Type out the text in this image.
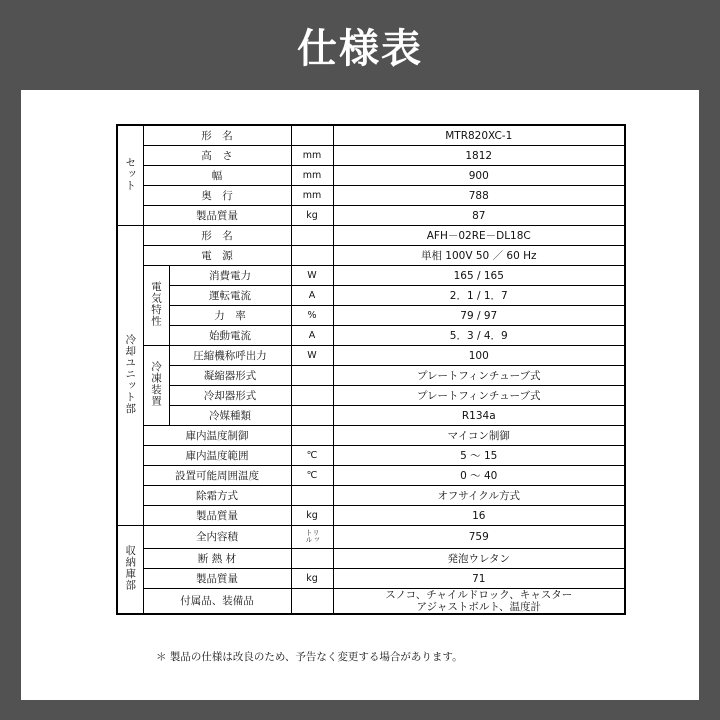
仕様表
セット	形　名			MTR820XC-1
	高　さ		mm	1812
	幅		mm	900
	奥　行		mm	788
	製品質量		kg	87
冷却ユニット部	形　名			AFH－02RE－DL18C
	電　源			単相 100V 50 ／ 60 Hz
	電気特性	消費電力	W	165 / 165
		運転電流	A	2．1 / 1．7
		力　率	%	79 / 97
		始動電流	A	5．3 / 4．9
	冷凍装置	圧縮機称呼出力	W	100
		凝縮器形式		プレートフィンチューブ式
		冷却器形式		プレートフィンチューブ式
		冷媒種類		R134a
	庫内温度制御			マイコン制御
	庫内温度範囲		℃	5 ～ 15
	設置可能周囲温度		℃	0 ～ 40
	除霜方式			オフサイクル方式
	製品質量		kg	16
収納庫部	全内容積		リットル	759
	断 熱 材			発泡ウレタン
	製品質量		kg	71
	付属品、装備品			スノコ、チャイルドロック、キャスター
アジャストボルト、温度計
＊ 製品の仕様は改良のため、予告なく変更する場合があります。
